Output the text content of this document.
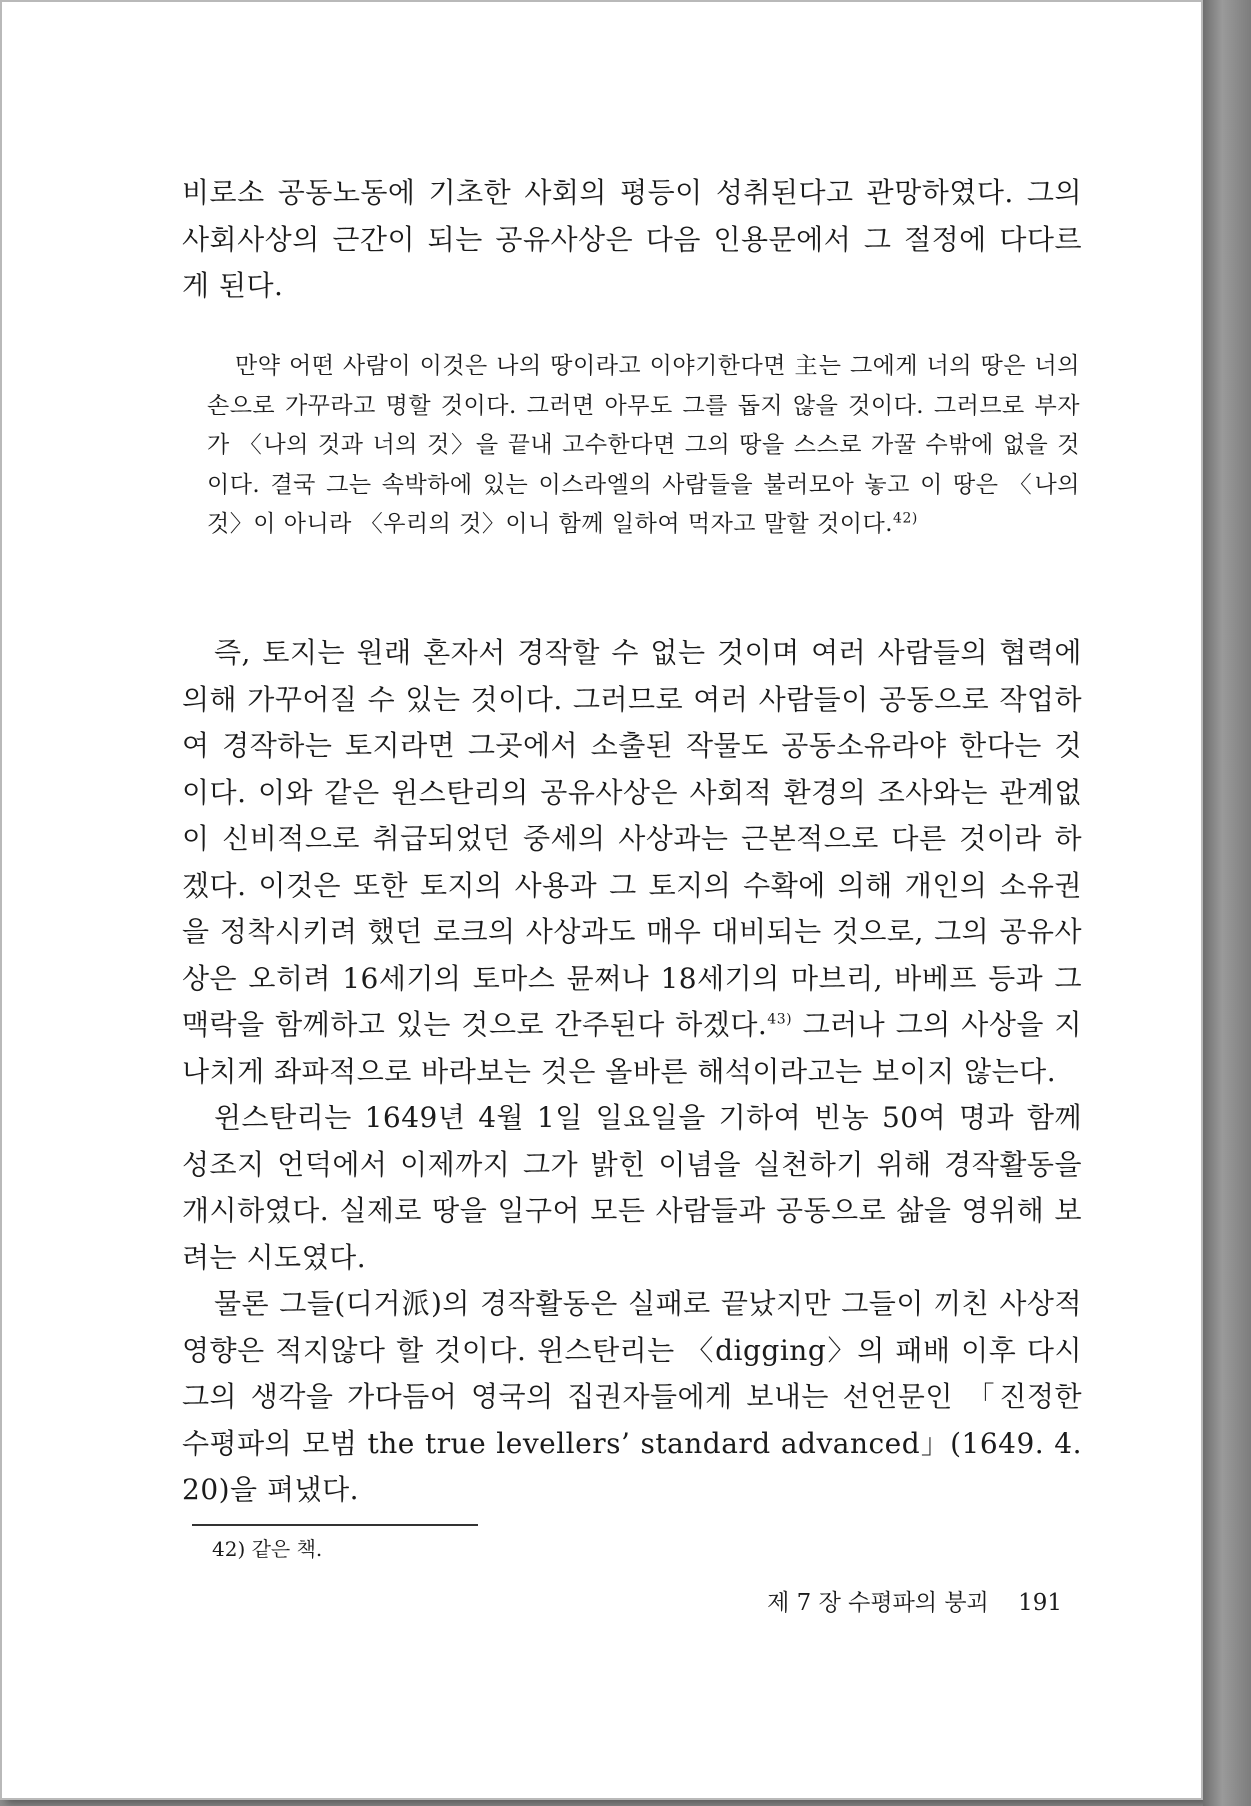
비로소 공동노동에 기초한 사회의 평등이 성취된다고 관망하였다. 그의 사회사상의 근간이 되는 공유사상은 다음 인용문에서 그 절정에 다다르게 된다.

만약 어떤 사람이 이것은 나의 땅이라고 이야기한다면 主는 그에게 너의 땅은 너의 손으로 가꾸라고 명할 것이다. 그러면 아무도 그를 돕지 않을 것이다. 그러므로 부자가 〈나의 것과 너의 것〉을 끝내 고수한다면 그의 땅을 스스로 가꿀 수밖에 없을 것이다. 결국 그는 속박하에 있는 이스라엘의 사람들을 불러모아 놓고 이 땅은 〈나의 것〉이 아니라 〈우리의 것〉이니 함께 일하여 먹자고 말할 것이다.$^{42)}$

즉, 토지는 원래 혼자서 경작할 수 없는 것이며 여러 사람들의 협력에 의해 가꾸어질 수 있는 것이다. 그러므로 여러 사람들이 공동으로 작업하여 경작하는 토지라면 그곳에서 소출된 작물도 공동소유라야 한다는 것이다. 이와 같은 윈스탄리의 공유사상은 사회적 환경의 조사와는 관계없이 신비적으로 취급되었던 중세의 사상과는 근본적으로 다른 것이라 하겠다. 이것은 또한 토지의 사용과 그 토지의 수확에 의해 개인의 소유권을 정착시키려 했던 로크의 사상과도 매우 대비되는 것으로, 그의 공유사상은 오히려 16세기의 토마스 뮨쩌나 18세기의 마브리, 바베프 등과 그 맥락을 함께하고 있는 것으로 간주된다 하겠다.$^{43)}$ 그러나 그의 사상을 지나치게 좌파적으로 바라보는 것은 올바른 해석이라고는 보이지 않는다.

윈스탄리는 1649년 4월 1일 일요일을 기하여 빈농 50여 명과 함께 성조지 언덕에서 이제까지 그가 밝힌 이념을 실천하기 위해 경작활동을 개시하였다. 실제로 땅을 일구어 모든 사람들과 공동으로 삶을 영위해 보려는 시도였다.

물론 그들(디거派)의 경작활동은 실패로 끝났지만 그들이 끼친 사상적 영향은 적지않다 할 것이다. 윈스탄리는 〈digging〉의 패배 이후 다시 그의 생각을 가다듬어 영국의 집권자들에게 보내는 선언문인 「진정한 수평파의 모범 the true levellers’ standard advanced」(1649. 4. 20)을 펴냈다.

42) 같은 책.
제 7 장 수평파의 붕괴 191
